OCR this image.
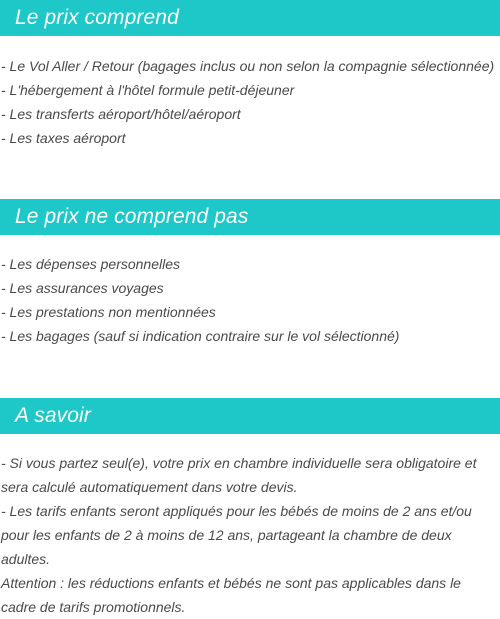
Le prix comprend
- Le Vol Aller / Retour (bagages inclus ou non selon la compagnie sélectionnée)
- L'hébergement à l'hôtel formule petit-déjeuner
- Les transferts aéroport/hôtel/aéroport
- Les taxes aéroport
Le prix ne comprend pas
- Les dépenses personnelles
- Les assurances voyages
- Les prestations non mentionnées
- Les bagages (sauf si indication contraire sur le vol sélectionné)
A savoir
- Si vous partez seul(e), votre prix en chambre individuelle sera obligatoire et sera calculé automatiquement dans votre devis.
- Les tarifs enfants seront appliqués pour les bébés de moins de 2 ans et/ou pour les enfants de 2 à moins de 12 ans, partageant la chambre de deux adultes.
Attention : les réductions enfants et bébés ne sont pas applicables dans le cadre de tarifs promotionnels.
